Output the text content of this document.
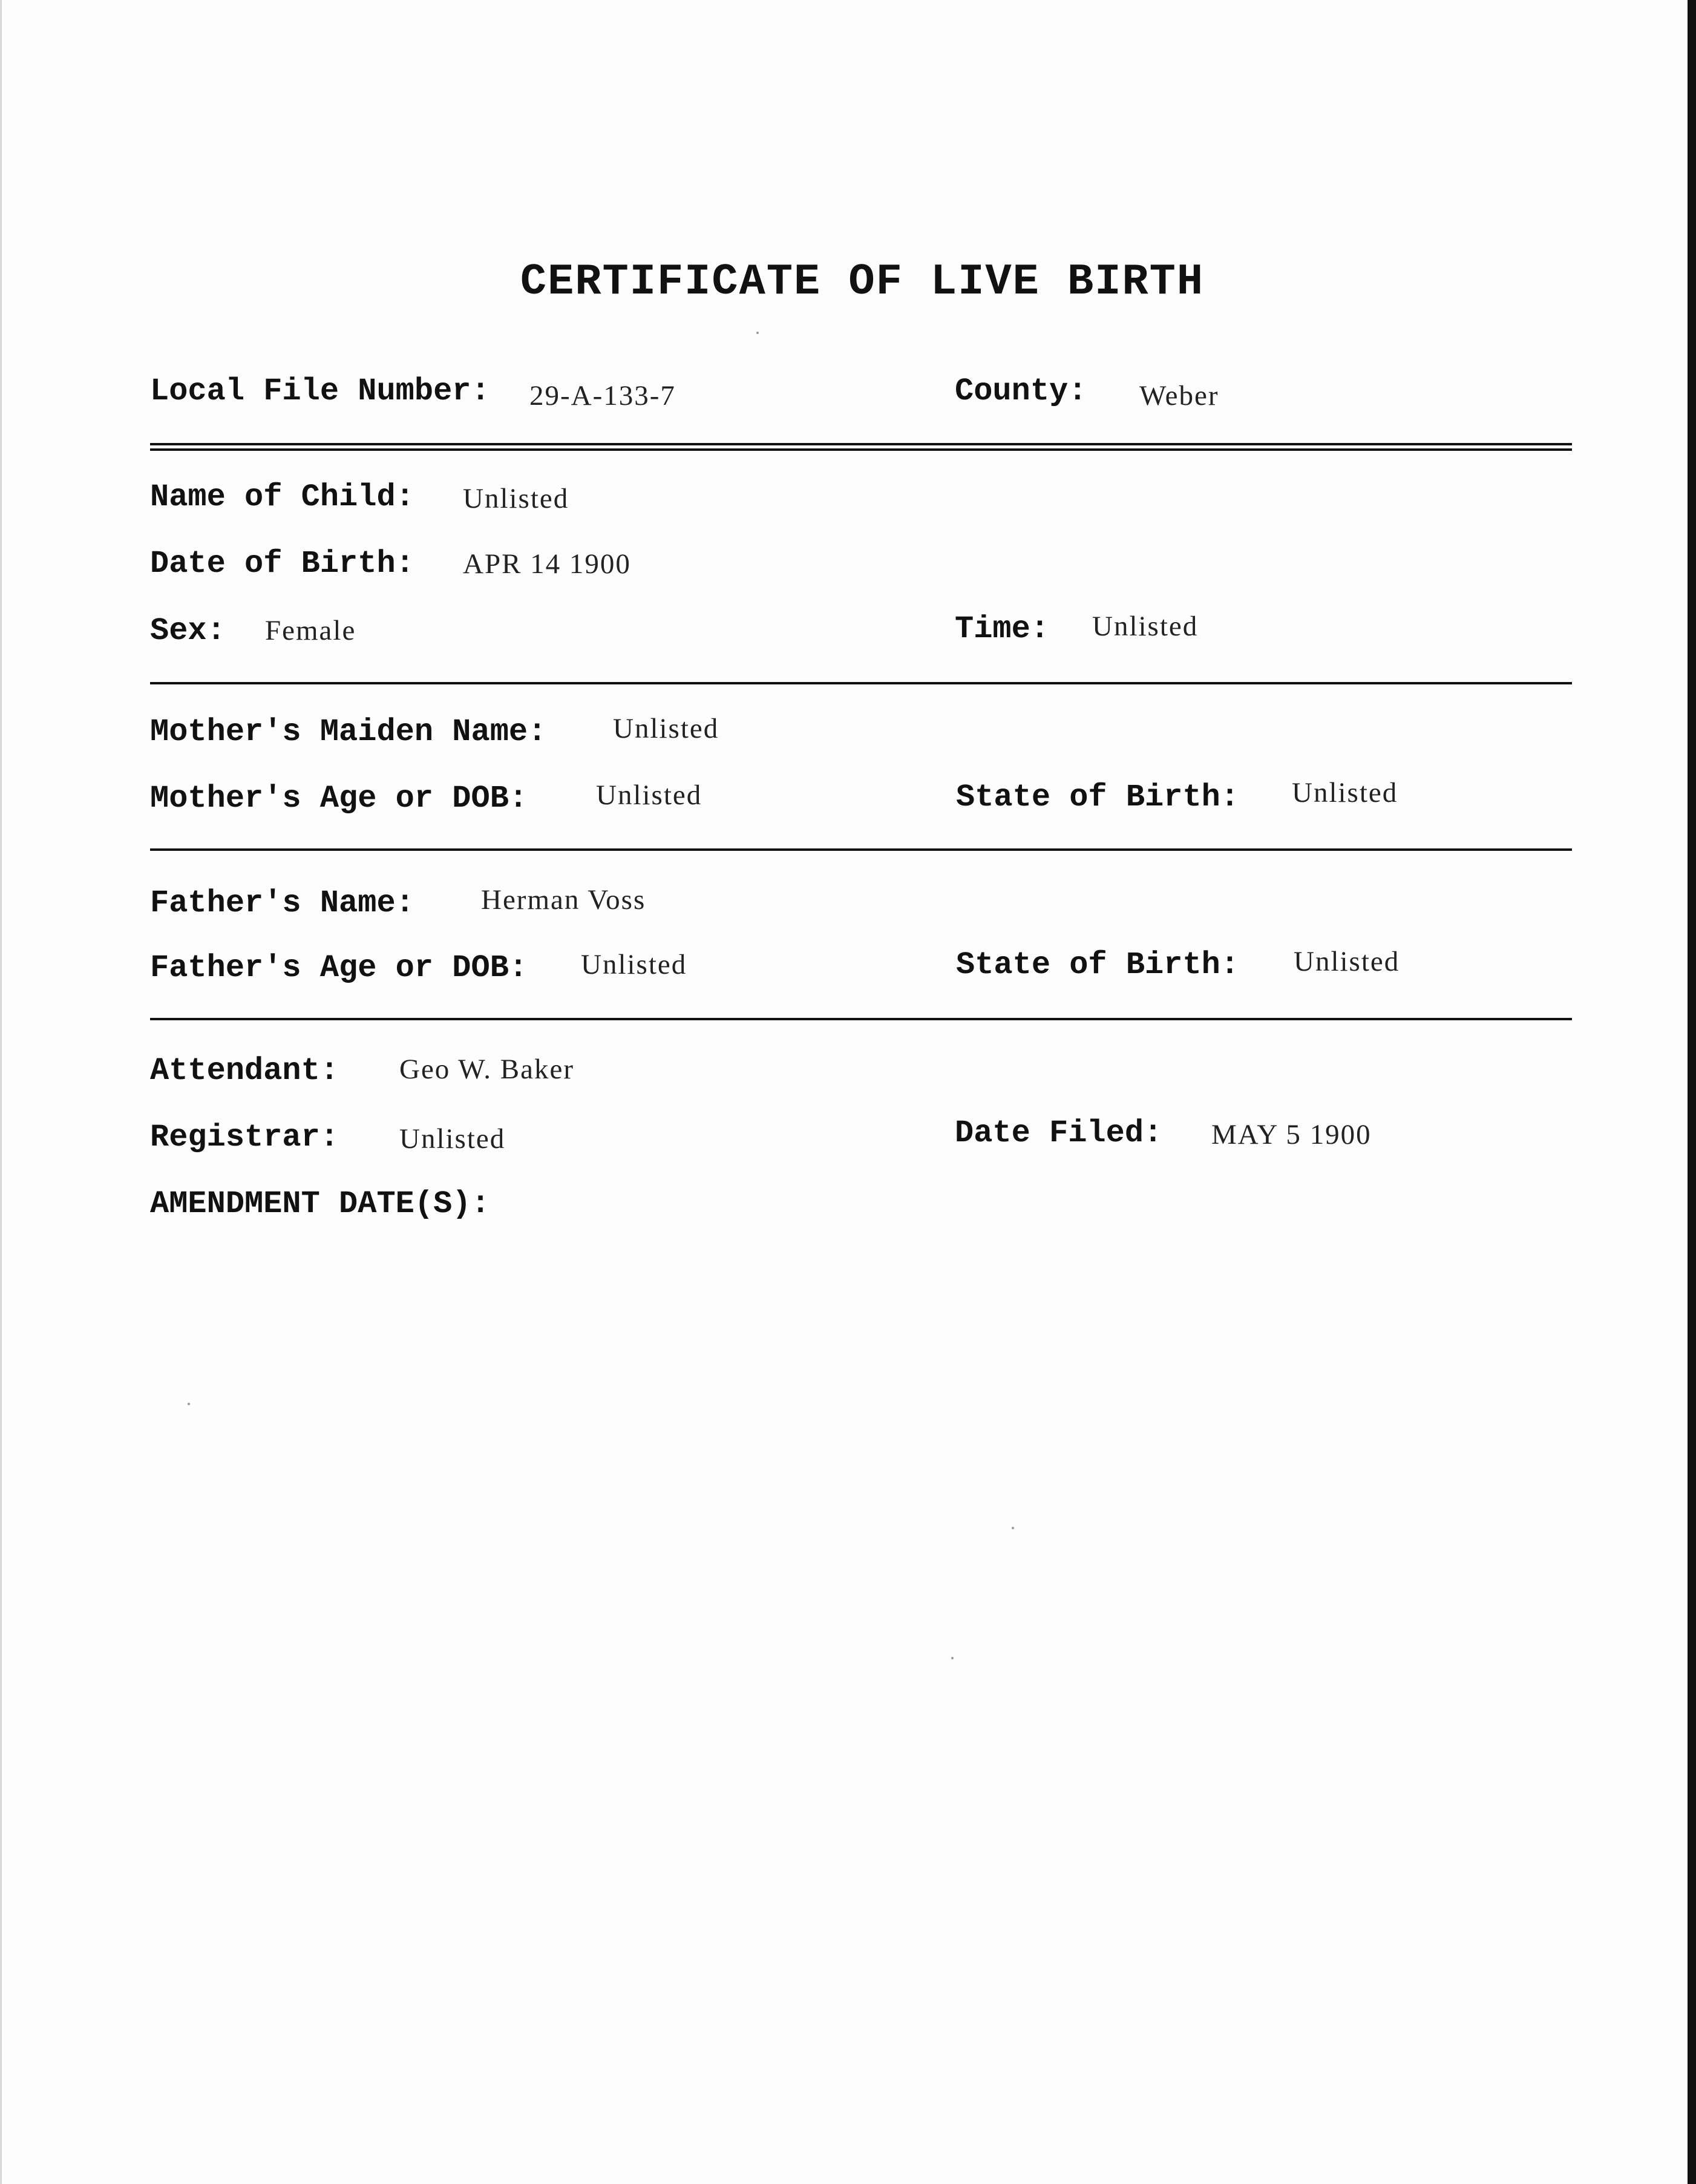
CERTIFICATE OF LIVE BIRTH
Local File Number: 29-A-133-7	County: Weber
Name of Child: Unlisted
Date of Birth: APR 14 1900
Sex: Female	Time: Unlisted
Mother's Maiden Name: Unlisted
Mother's Age or DOB: Unlisted	State of Birth: Unlisted
Father's Name: Herman Voss
Father's Age or DOB: Unlisted	State of Birth: Unlisted
Attendant: Geo W. Baker
Registrar: Unlisted	Date Filed: MAY 5 1900
AMENDMENT DATE(S):
